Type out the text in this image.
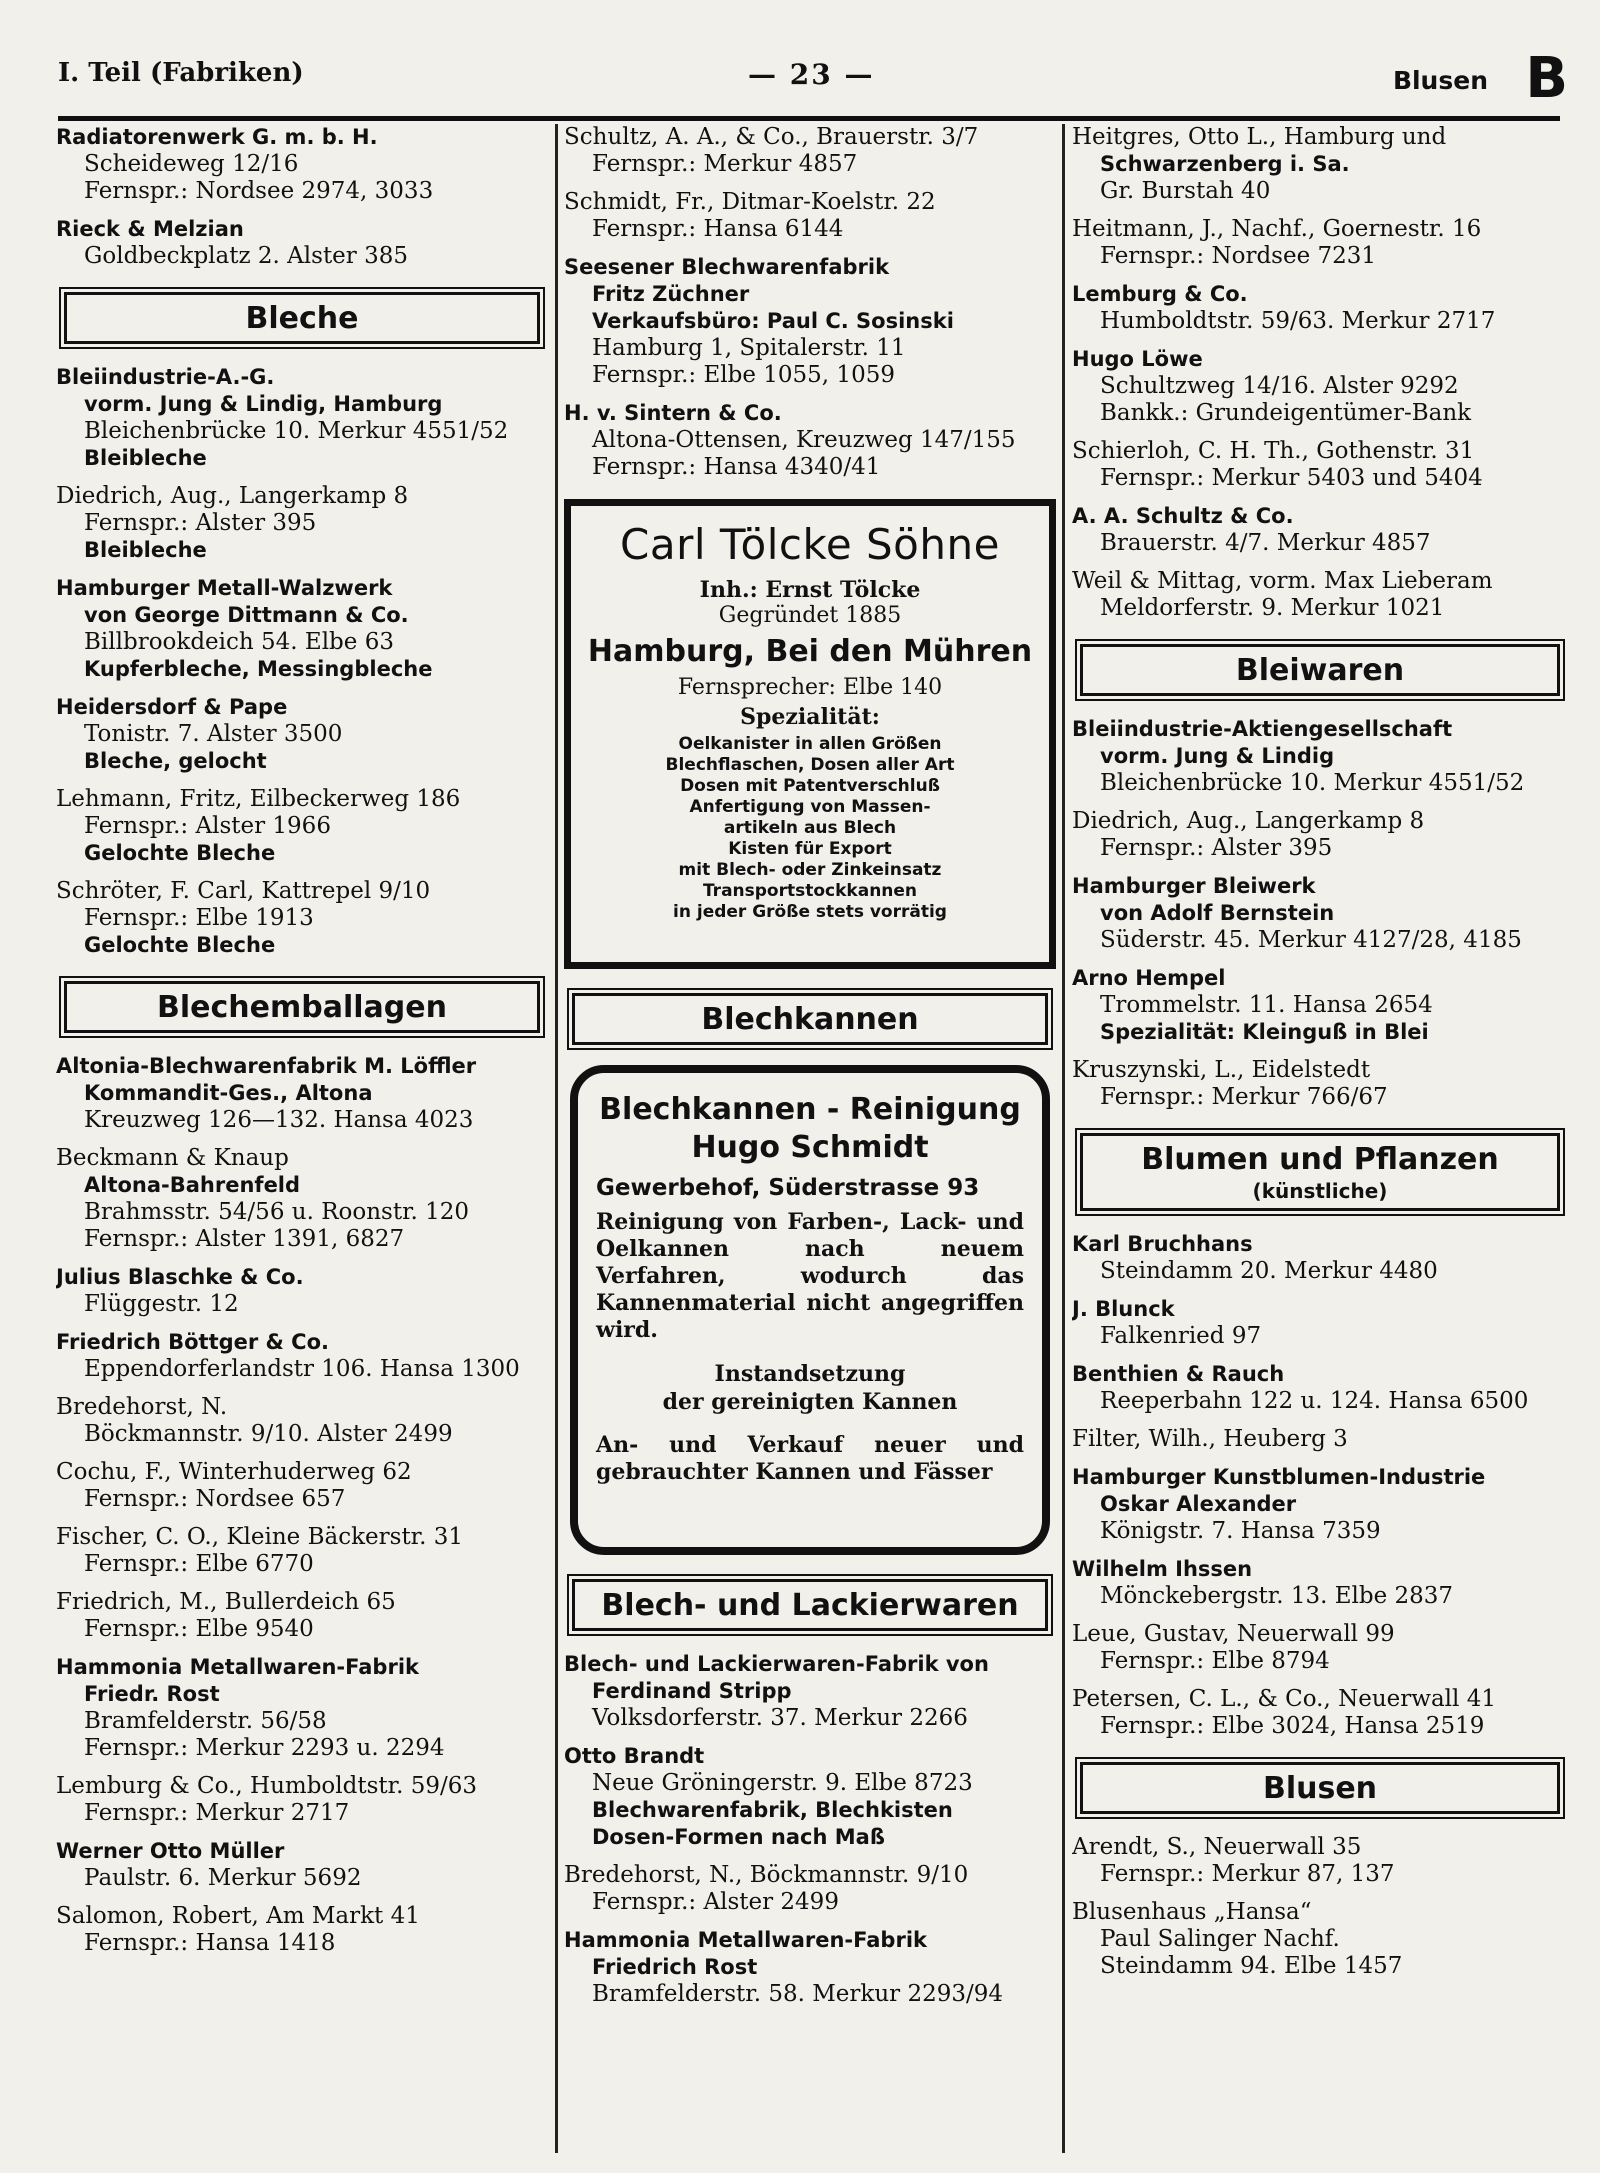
I. Teil (Fabriken)	— 23 —	Blusen B
Radiatorenwerk G. m. b. H.
Scheideweg 12/16
Fernspr.: Nordsee 2974, 3033
Rieck & Melzian
Goldbeckplatz 2. Alster 385
Bleche
Bleiindustrie-A.-G.
vorm. Jung & Lindig, Hamburg
Bleichenbrücke 10. Merkur 4551/52
Bleibleche
Diedrich, Aug., Langerkamp 8
Fernspr.: Alster 395
Bleibleche
Hamburger Metall-Walzwerk
von George Dittmann & Co.
Billbrookdeich 54. Elbe 63
Kupferbleche, Messingbleche
Heidersdorf & Pape
Tonistr. 7. Alster 3500
Bleche, gelocht
Lehmann, Fritz, Eilbeckerweg 186
Fernspr.: Alster 1966
Gelochte Bleche
Schröter, F. Carl, Kattrepel 9/10
Fernspr.: Elbe 1913
Gelochte Bleche
Blechemballagen
Altonia-Blechwarenfabrik M. Löffler
Kommandit-Ges., Altona
Kreuzweg 126—132. Hansa 4023
Beckmann & Knaup
Altona-Bahrenfeld
Brahmsstr. 54/56 u. Roonstr. 120
Fernspr.: Alster 1391, 6827
Julius Blaschke & Co.
Flüggestr. 12
Friedrich Böttger & Co.
Eppendorferlandstr 106. Hansa 1300
Bredehorst, N.
Böckmannstr. 9/10. Alster 2499
Cochu, F., Winterhuderweg 62
Fernspr.: Nordsee 657
Fischer, C. O., Kleine Bäckerstr. 31
Fernspr.: Elbe 6770
Friedrich, M., Bullerdeich 65
Fernspr.: Elbe 9540
Hammonia Metallwaren-Fabrik
Friedr. Rost
Bramfelderstr. 56/58
Fernspr.: Merkur 2293 u. 2294
Lemburg & Co., Humboldtstr. 59/63
Fernspr.: Merkur 2717
Werner Otto Müller
Paulstr. 6. Merkur 5692
Salomon, Robert, Am Markt 41
Fernspr.: Hansa 1418
Schultz, A. A., & Co., Brauerstr. 3/7
Fernspr.: Merkur 4857
Schmidt, Fr., Ditmar-Koelstr. 22
Fernspr.: Hansa 6144
Seesener Blechwarenfabrik
Fritz Züchner
Verkaufsbüro: Paul C. Sosinski
Hamburg 1, Spitalerstr. 11
Fernspr.: Elbe 1055, 1059
H. v. Sintern & Co.
Altona-Ottensen, Kreuzweg 147/155
Fernspr.: Hansa 4340/41
Carl Tölcke Söhne
Inh.: Ernst Tölcke
Gegründet 1885
Hamburg, Bei den Mühren
Fernsprecher: Elbe 140
Spezialität:
Oelkanister in allen Größen
Blechflaschen, Dosen aller Art
Dosen mit Patentverschluß
Anfertigung von Massen-
artikeln aus Blech
Kisten für Export
mit Blech- oder Zinkeinsatz
Transportstockkannen
in jeder Größe stets vorrätig
Blechkannen
Blechkannen - Reinigung
Hugo Schmidt
Gewerbehof, Süderstrasse 93
Reinigung von Farben-, Lack- und Oelkannen nach neuem Verfahren, wodurch das Kannenmaterial nicht angegriffen wird.
Instandsetzung
der gereinigten Kannen
An- und Verkauf neuer und gebrauchter Kannen und Fässer
Blech- und Lackierwaren
Blech- und Lackierwaren-Fabrik von
Ferdinand Stripp
Volksdorferstr. 37. Merkur 2266
Otto Brandt
Neue Gröningerstr. 9. Elbe 8723
Blechwarenfabrik, Blechkisten
Dosen-Formen nach Maß
Bredehorst, N., Böckmannstr. 9/10
Fernspr.: Alster 2499
Hammonia Metallwaren-Fabrik
Friedrich Rost
Bramfelderstr. 58. Merkur 2293/94
Heitgres, Otto L., Hamburg und
Schwarzenberg i. Sa.
Gr. Burstah 40
Heitmann, J., Nachf., Goernestr. 16
Fernspr.: Nordsee 7231
Lemburg & Co.
Humboldtstr. 59/63. Merkur 2717
Hugo Löwe
Schultzweg 14/16. Alster 9292
Bankk.: Grundeigentümer-Bank
Schierloh, C. H. Th., Gothenstr. 31
Fernspr.: Merkur 5403 und 5404
A. A. Schultz & Co.
Brauerstr. 4/7. Merkur 4857
Weil & Mittag, vorm. Max Lieberam
Meldorferstr. 9. Merkur 1021
Bleiwaren
Bleiindustrie-Aktiengesellschaft
vorm. Jung & Lindig
Bleichenbrücke 10. Merkur 4551/52
Diedrich, Aug., Langerkamp 8
Fernspr.: Alster 395
Hamburger Bleiwerk
von Adolf Bernstein
Süderstr. 45. Merkur 4127/28, 4185
Arno Hempel
Trommelstr. 11. Hansa 2654
Spezialität: Kleinguß in Blei
Kruszynski, L., Eidelstedt
Fernspr.: Merkur 766/67
Blumen und Pflanzen
(künstliche)
Karl Bruchhans
Steindamm 20. Merkur 4480
J. Blunck
Falkenried 97
Benthien & Rauch
Reeperbahn 122 u. 124. Hansa 6500
Filter, Wilh., Heuberg 3
Hamburger Kunstblumen-Industrie
Oskar Alexander
Königstr. 7. Hansa 7359
Wilhelm Ihssen
Mönckebergstr. 13. Elbe 2837
Leue, Gustav, Neuerwall 99
Fernspr.: Elbe 8794
Petersen, C. L., & Co., Neuerwall 41
Fernspr.: Elbe 3024, Hansa 2519
Blusen
Arendt, S., Neuerwall 35
Fernspr.: Merkur 87, 137
Blusenhaus „Hansa“
Paul Salinger Nachf.
Steindamm 94. Elbe 1457
